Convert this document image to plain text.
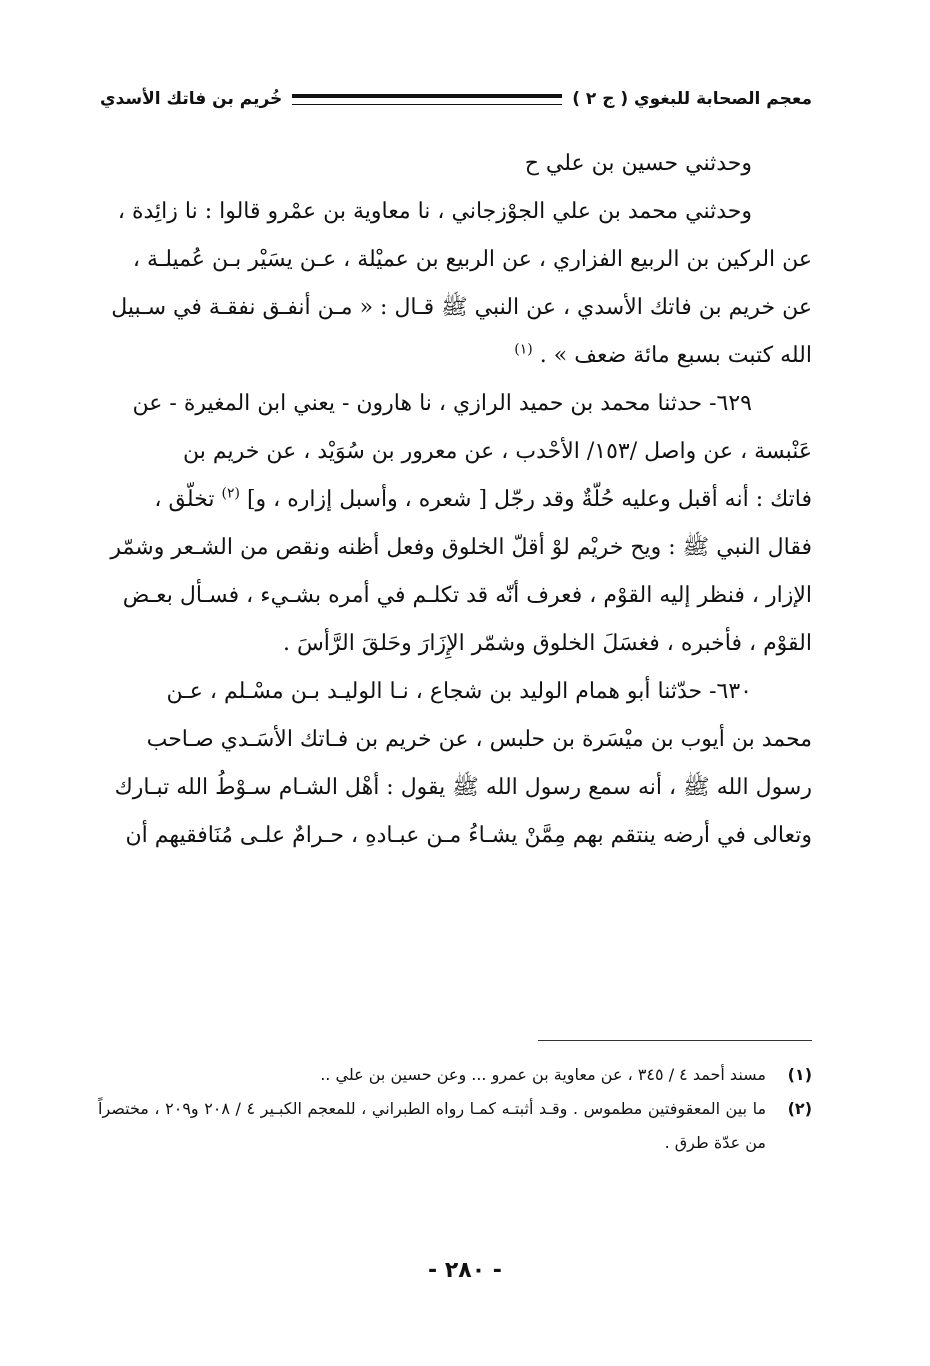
معجم الصحابة للبغوي ( ج ٢ )
خُريم بن فاتك الأسدي

وحدثني حسين بن علي ح

وحدثني محمد بن علي الجوْزجاني ، نا معاوية بن عمْرو قالوا : نا زائِدة ،

عن الركين بن الربيع الفزاري ، عن الربيع بن عميْلة ، عـن يسَيْر بـن عُميلـة ،

عن خريم بن فاتك الأسدي ، عن النبي ﷺ قـال : « مـن أنفـق نفقـة في سـبيل

الله كتبت بسبع مائة ضعف » . $^{(١)}$

٦٢٩- حدثنا محمد بن حميد الرازي ، نا هارون - يعني ابن المغيرة - عن

عَنْبسة ، عن واصل /١٥٣/ الأحْدب ، عن معرور بن سُوَيْد ، عن خريم بن

فاتك : أنه أقبل وعليه حُلّةٌ وقد رجّل [ شعره ، وأسبل إزاره ، و] $^{(٢)}$ تخلّق ،

فقال النبي ﷺ : ويح خريْم لوْ أقلّ الخلوق وفعل أظنه ونقص من الشـعر وشمّر

الإزار ، فنظر إليه القوْم ، فعرف أنّه قد تكلـم في أمره بشـيء ، فسـأل بعـض

القوْم ، فأخبره ، فغسَلَ الخلوق وشمّر الإِزَارَ وحَلقَ الرَّأسَ .

٦٣٠- حدّثنا أبو همام الوليد بن شجاع ، نـا الوليـد بـن مسْـلم ، عـن

محمد بن أيوب بن ميْسَرة بن حلبس ، عن خريم بن فـاتك الأسَـدي صـاحب

رسول الله ﷺ ، أنه سمع رسول الله ﷺ يقول : أهْل الشـام سـوْطُ الله تبـارك

وتعالى في أرضه ينتقم بهم مِمَّنْ يشـاءُ مـن عبـادهِ ، حـرامٌ علـى مُنَافقيهم أن

(١)
مسند أحمد ٤ / ٣٤٥ ، عن معاوية بن عمرو ... وعن حسين بن علي ..
(٢)
ما بين المعقوفتين مطموس . وقـد أثبتـه كمـا رواه الطبراني ، للمعجم الكبـير ٤ / ٢٠٨ و٢٠٩ ، مختصراً من عدّة طرق .
- ٢٨٠ -
